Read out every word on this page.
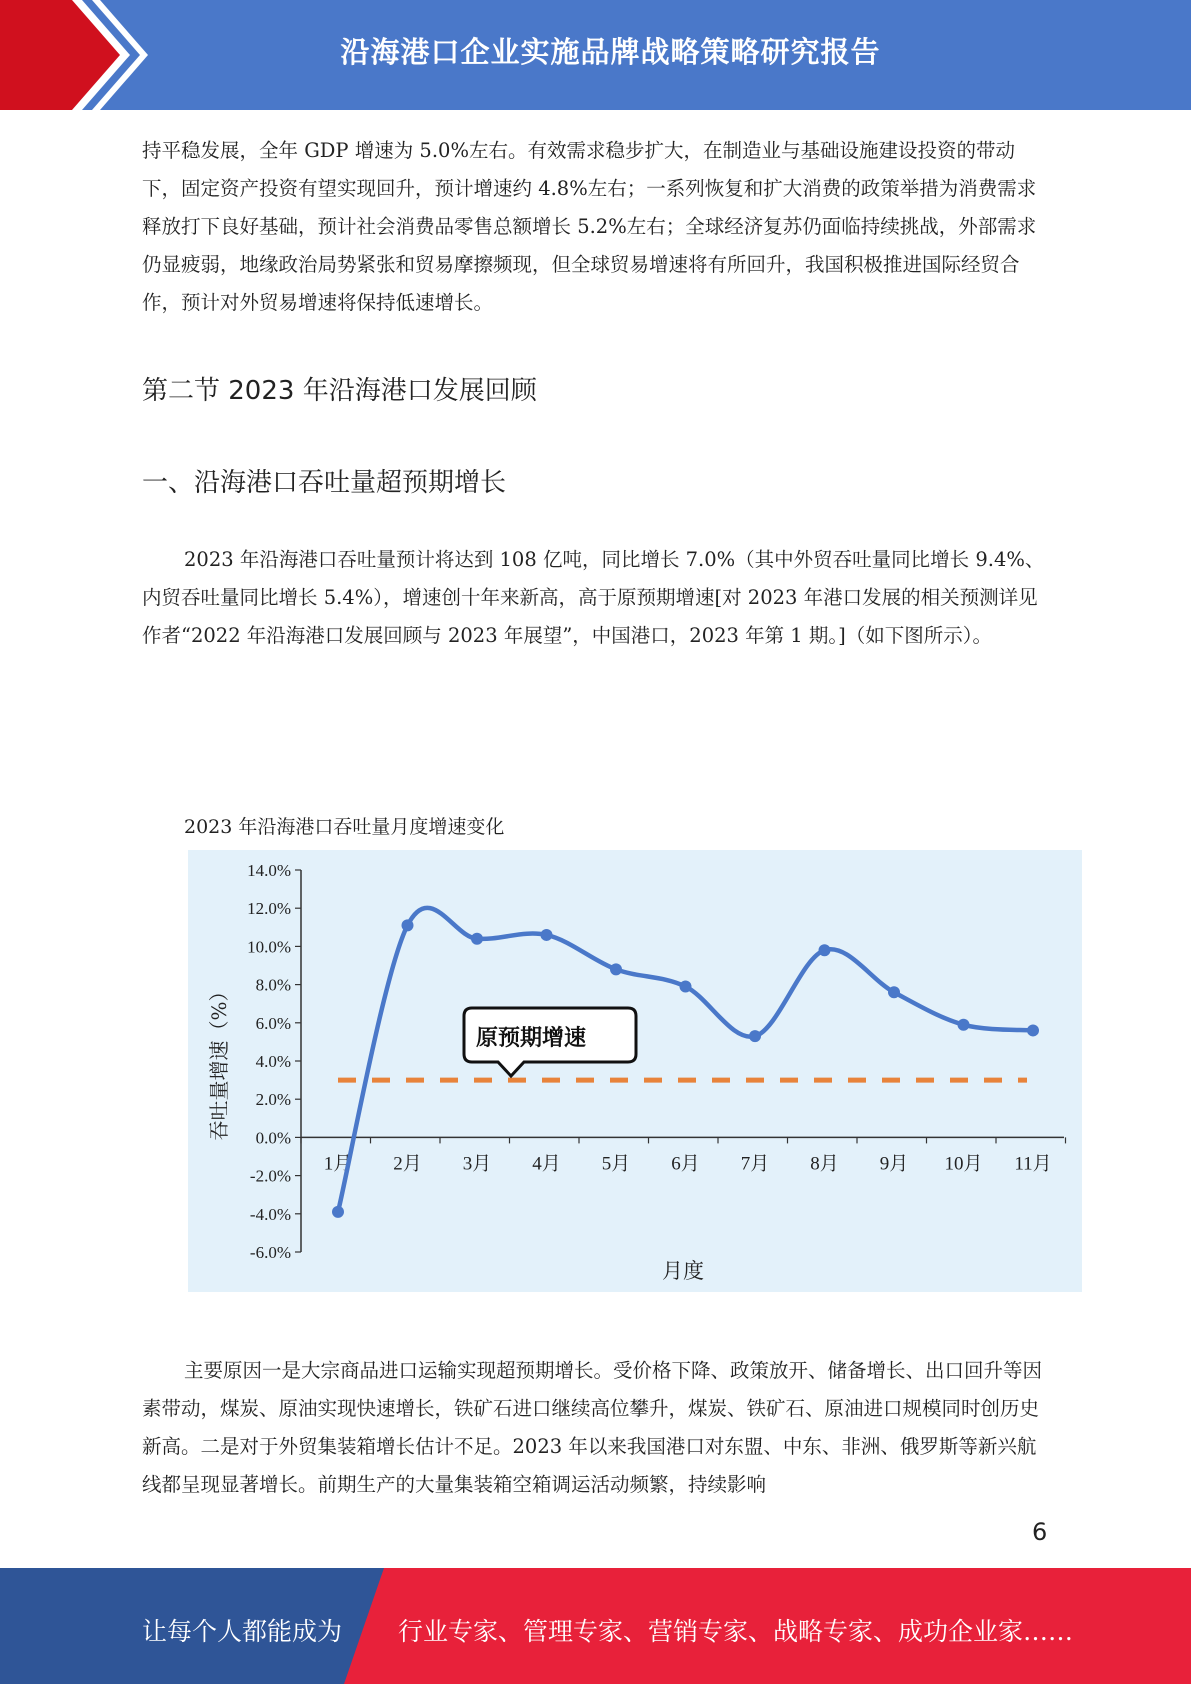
沿海港口企业实施品牌战略策略研究报告

持平稳发展，全年 GDP 增速为 5.0%左右。有效需求稳步扩大，在制造业与基础设施建设投资的带动下，固定资产投资有望实现回升，预计增速约 4.8%左右；一系列恢复和扩大消费的政策举措为消费需求释放打下良好基础，预计社会消费品零售总额增长 5.2%左右；全球经济复苏仍面临持续挑战，外部需求仍显疲弱，地缘政治局势紧张和贸易摩擦频现，但全球贸易增速将有所回升，我国积极推进国际经贸合作，预计对外贸易增速将保持低速增长。

第二节 2023 年沿海港口发展回顾
一、沿海港口吞吐量超预期增长

2023 年沿海港口吞吐量预计将达到 108 亿吨，同比增长 7.0%（其中外贸吞吐量同比增长 9.4%、内贸吞吐量同比增长 5.4%），增速创十年来新高，高于原预期增速[对 2023 年港口发展的相关预测详见作者“2022 年沿海港口发展回顾与 2023 年展望”，中国港口，2023 年第 1 期。]（如下图所示）。

2023 年沿海港口吞吐量月度增速变化
14.0%
12.0%
10.0%
8.0%
6.0%
4.0%
2.0%
0.0%
-2.0%
-4.0%
-6.0%
1月 2月 3月 4月 5月 6月 7月 8月 9月 10月 11月
吞吐量增速（%）
月度
原预期增速

主要原因一是大宗商品进口运输实现超预期增长。受价格下降、政策放开、储备增长、出口回升等因素带动，煤炭、原油实现快速增长，铁矿石进口继续高位攀升，煤炭、铁矿石、原油进口规模同时创历史新高。二是对于外贸集装箱增长估计不足。2023 年以来我国港口对东盟、中东、非洲、俄罗斯等新兴航线都呈现显著增长。前期生产的大量集装箱空箱调运活动频繁，持续影响

6
让每个人都能成为 行业专家、管理专家、营销专家、战略专家、成功企业家……
